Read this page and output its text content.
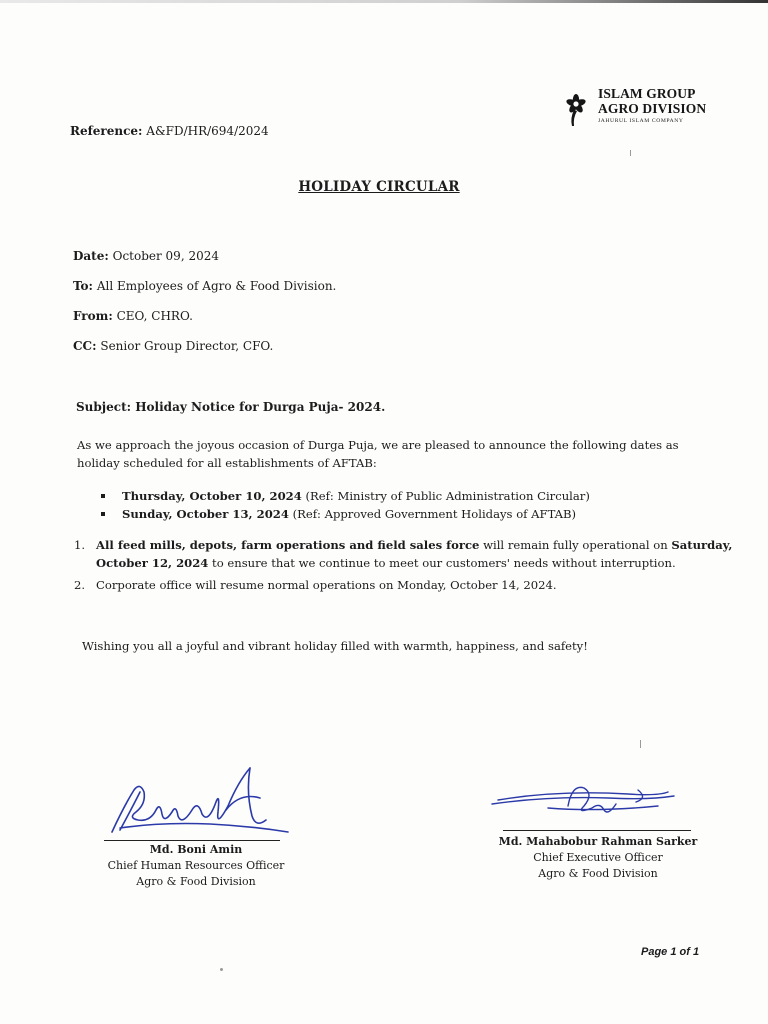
ISLAM GROUP
AGRO DIVISION
JAHURUL ISLAM COMPANY
Reference: A&FD/HR/694/2024
HOLIDAY CIRCULAR
Date: October 09, 2024
To: All Employees of Agro & Food Division.
From: CEO, CHRO.
CC: Senior Group Director, CFO.
Subject: Holiday Notice for Durga Puja- 2024.
As we approach the joyous occasion of Durga Puja, we are pleased to announce the following dates as holiday scheduled for all establishments of AFTAB:
Thursday, October 10, 2024 (Ref: Ministry of Public Administration Circular)
Sunday, October 13, 2024 (Ref: Approved Government Holidays of AFTAB)
1. All feed mills, depots, farm operations and field sales force will remain fully operational on Saturday, October 12, 2024 to ensure that we continue to meet our customers' needs without interruption.
2. Corporate office will resume normal operations on Monday, October 14, 2024.
Wishing you all a joyful and vibrant holiday filled with warmth, happiness, and safety!
Md. Boni Amin
Chief Human Resources Officer
Agro & Food Division
Md. Mahabobur Rahman Sarker
Chief Executive Officer
Agro & Food Division
Page 1 of 1
